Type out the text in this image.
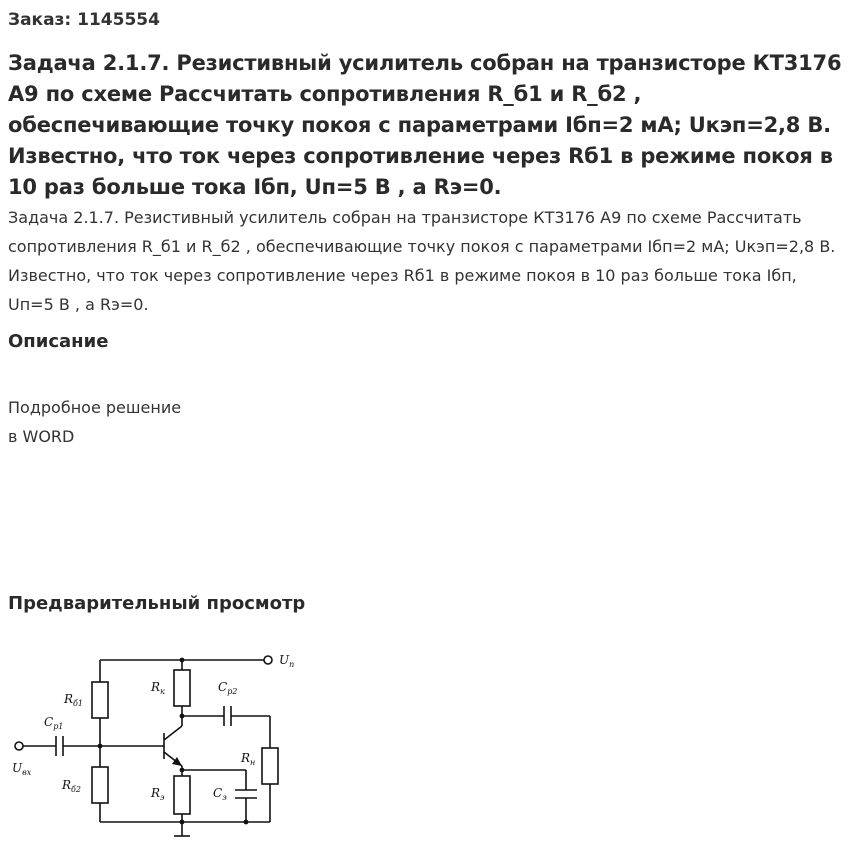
Заказ: 1145554
Задача 2.1.7. Резистивный усилитель собран на транзисторе КТ3176 А9 по схеме Рассчитать сопротивления R_б1 и R_б2 , обеспечивающие точку покоя с параметрами Iбп=2 мА; Uкэп=2,8 В. Известно, что ток через сопротивление через Rб1 в режиме покоя в 10 раз больше тока Iбп, Uп=5 В , а Rэ=0.

Задача 2.1.7. Резистивный усилитель собран на транзисторе КТ3176 А9 по схеме Рассчитать сопротивления R_б1 и R_б2 , обеспечивающие точку покоя с параметрами Iбп=2 мА; Uкэп=2,8 В. Известно, что ток через сопротивление через Rб1 в режиме покоя в 10 раз больше тока Iбп, Uп=5 В , а Rэ=0.

Описание
Подробное решение
в WORD
Предварительный просмотр
$U_п$
$U_{вх}$
$R_{б1}$
$R_{б2}$
$R_к$
$R_э$
$C_{р1}$
$C_{р2}$
$C_э$
$R_н$
